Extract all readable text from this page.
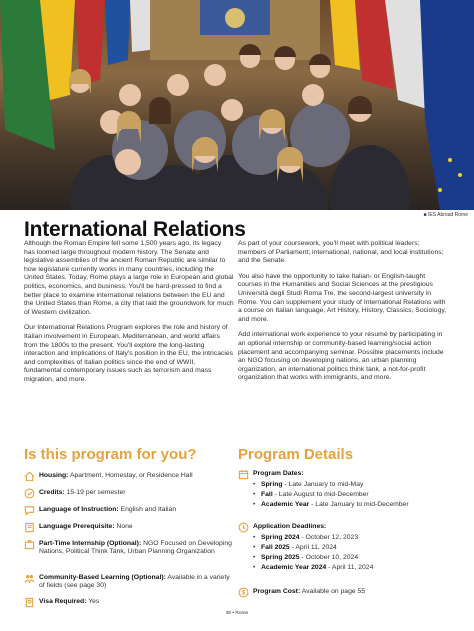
■ IES Abroad Rome
International Relations

Although the Roman Empire fell some 1,500 years ago, its legacy has loomed large throughout modern history. The Senate and legislative assemblies of the ancient Roman Republic are similar to how legislature currently works in many countries, including the United States. Today, Rome plays a large role in European and global politics, economics, and business. You'll be hard-pressed to find a better place to examine international relations between the EU and the United States than Rome, a city that laid the groundwork for much of Western civilization.

Our International Relations Program explores the role and history of Italian involvement in European, Mediterranean, and world affairs from the 1800s to the present. You'll explore the long-lasting interaction and implications of Italy's position in the EU, the intricacies and complexities of Italian politics since the end of WWII, fundamental contemporary issues such as terrorism and mass migration, and more.

As part of your coursework, you'll meet with political leaders; members of Parliament; international, national, and local institutions; and the Senate.

You also have the opportunity to take Italian- or English-taught courses in the Humanities and Social Sciences at the prestigious Università degli Studi Roma Tre, the second-largest university in Rome. You can supplement your study of International Relations with a course on Italian language, Art History, History, Classics, Sociology, and more.

Add international work experience to your résumé by participating in an optional internship or community-based learning/social action placement and accompanying seminar. Possible placements include an NGO focusing on developing nations, an urban planning organization, an international politics think tank, a not-for-profit organization that works with immigrants, and more.

Is this program for you?
Housing: Apartment, Homestay, or Residence Hall
Credits: 15-19 per semester
Language of Instruction: English and Italian
Language Prerequisite: None
Part-Time Internship (Optional): NGO Focused on Developing Nations, Political Think Tank, Urban Planning Organization
Community-Based Learning (Optional): Available in a variety of fields (see page 30)
Visa Required: Yes
Program Details
Program Dates:
• Spring - Late January to mid-May
• Fall - Late August to mid-December
• Academic Year - Late January to mid-December
Application Deadlines:
• Spring 2024 - October 12, 2023
• Fall 2025 - April 11, 2024
• Spring 2025 - October 10, 2024
• Academic Year 2024 - April 11, 2024
$ Program Cost: Available on page 55
36 • Rome
